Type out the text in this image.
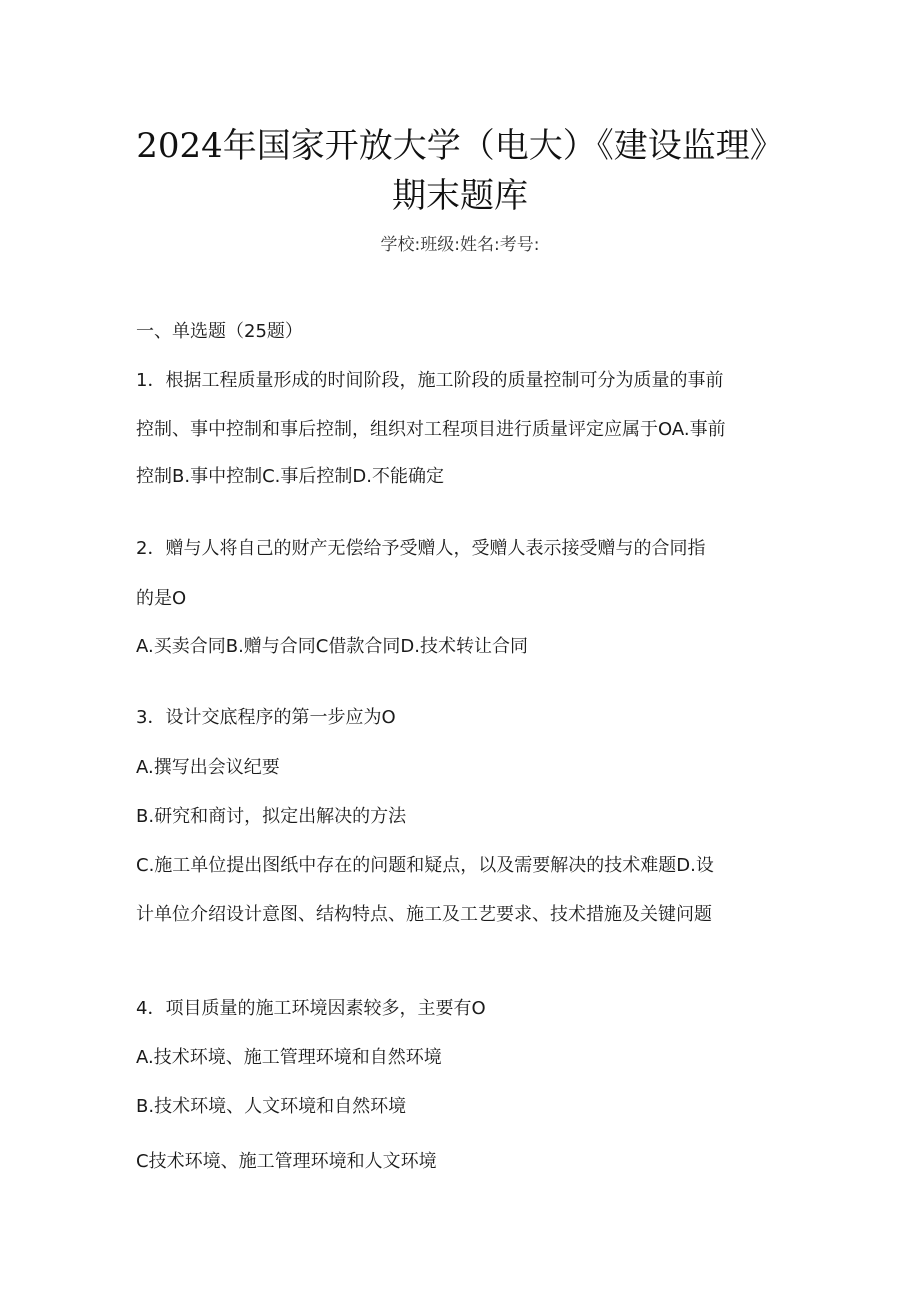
2024年国家开放大学（电大）《建设监理》
期末题库

学校:班级:姓名:考号:

一、单选题（25题）

1．根据工程质量形成的时间阶段，施工阶段的质量控制可分为质量的事前

控制、事中控制和事后控制，组织对工程项目进行质量评定应属于OA.事前

控制B.事中控制C.事后控制D.不能确定

2．赠与人将自己的财产无偿给予受赠人，受赠人表示接受赠与的合同指

的是O

A.买卖合同B.赠与合同C借款合同D.技术转让合同

3．设计交底程序的第一步应为O

A.撰写出会议纪要

B.研究和商讨，拟定出解决的方法

C.施工单位提出图纸中存在的问题和疑点，以及需要解决的技术难题D.设

计单位介绍设计意图、结构特点、施工及工艺要求、技术措施及关键问题

4．项目质量的施工环境因素较多，主要有O

A.技术环境、施工管理环境和自然环境

B.技术环境、人文环境和自然环境

C技术环境、施工管理环境和人文环境
